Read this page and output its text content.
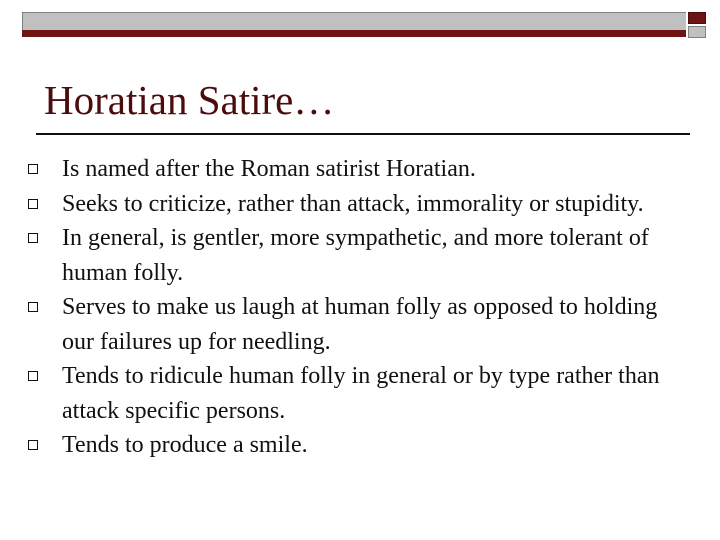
Horatian Satire…
Is named after the Roman satirist Horatian.
Seeks to criticize, rather than attack, immorality or stupidity.
In general, is gentler, more sympathetic, and more tolerant of human folly.
Serves to make us laugh at human folly as opposed to holding our failures up for needling.
Tends to ridicule human folly in general or by type rather than attack specific persons.
Tends to produce a smile.
